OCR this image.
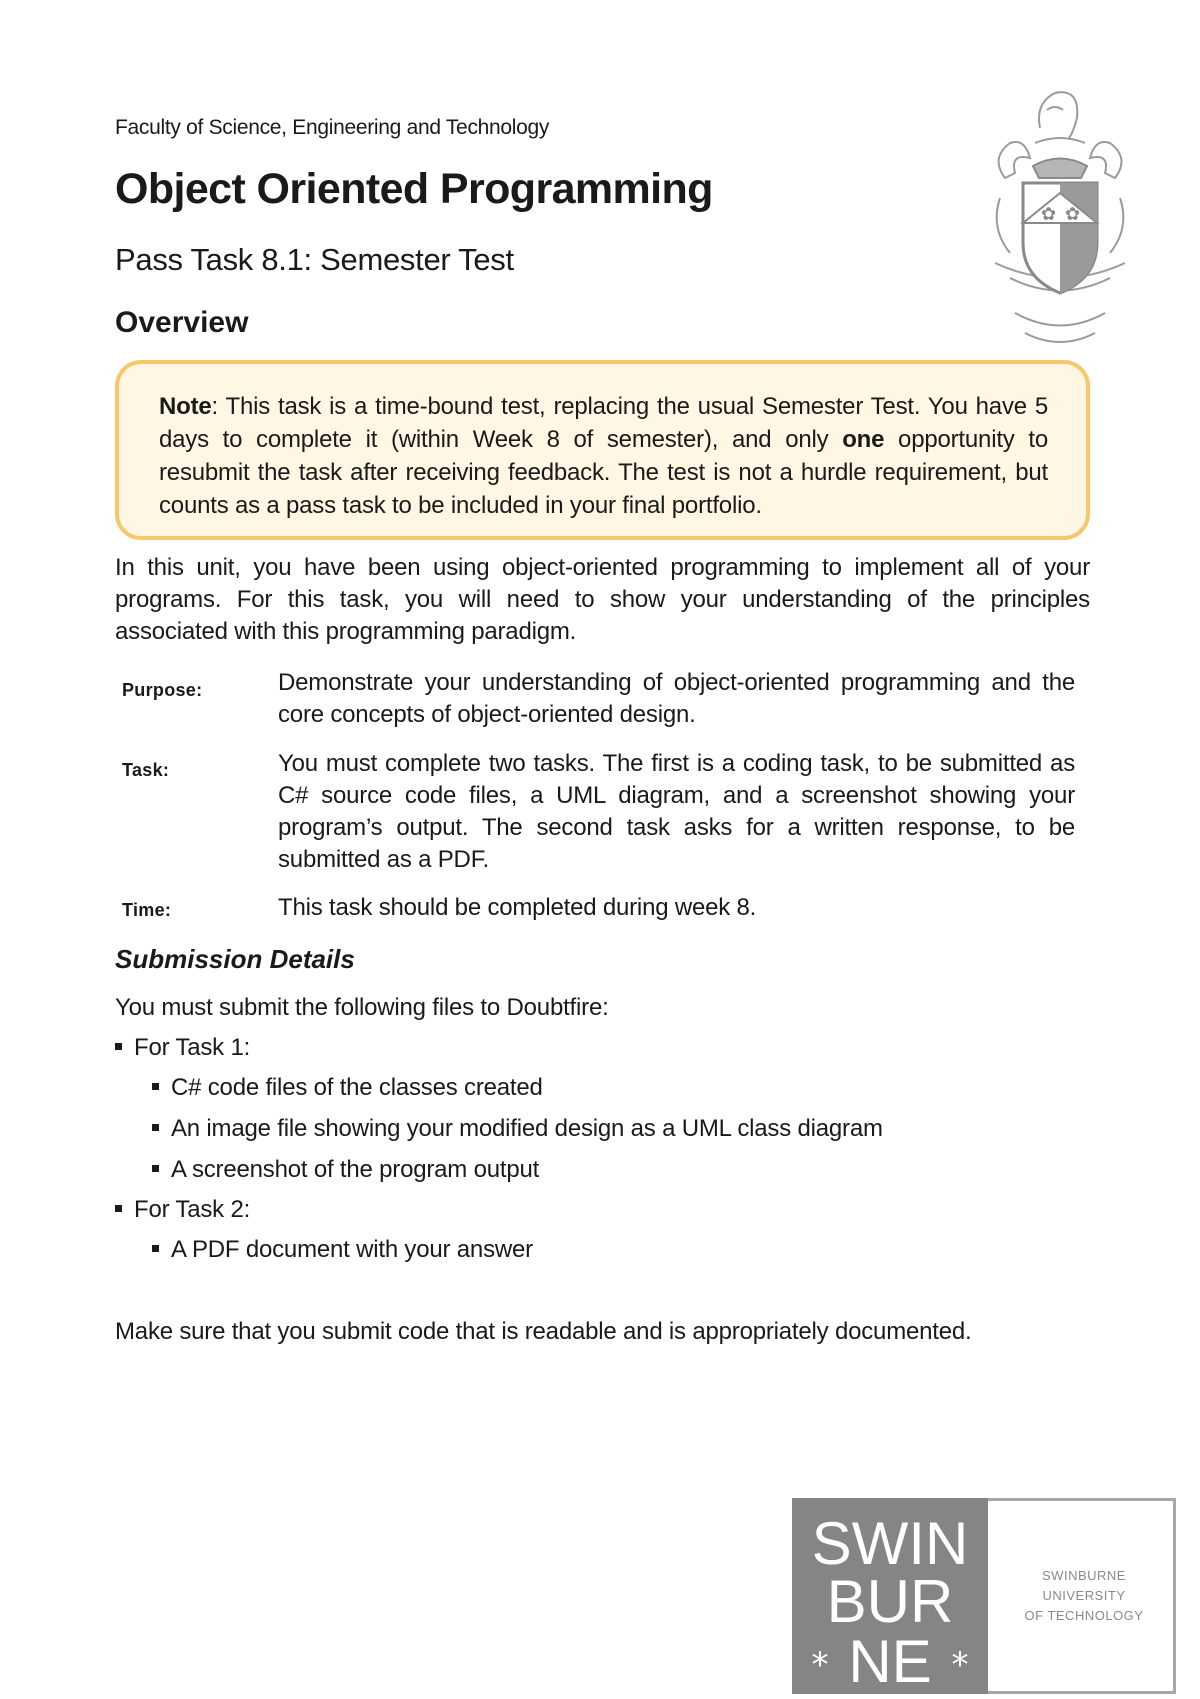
Faculty of Science, Engineering and Technology
Object Oriented Programming
Pass Task 8.1: Semester Test
Overview
✿ ✿
Note: This task is a time-bound test, replacing the usual Semester Test. You have 5 days to complete it (within Week 8 of semester), and only one opportunity to resubmit the task after receiving feedback. The test is not a hurdle requirement, but counts as a pass task to be included in your final portfolio.

In this unit, you have been using object-oriented programming to implement all of your programs. For this task, you will need to show your understanding of the principles associated with this programming paradigm.

Purpose:	Demonstrate your understanding of object-oriented programming and the core concepts of object-oriented design.

Task:	You must complete two tasks. The first is a coding task, to be submitted as C# source code files, a UML diagram, and a screenshot showing your program’s output. The second task asks for a written response, to be submitted as a PDF.

Time:	This task should be completed during week 8.

Submission Details
You must submit the following files to Doubtfire:
For Task 1:
C# code files of the classes created
An image file showing your modified design as a UML class diagram
A screenshot of the program output
For Task 2:
A PDF document with your answer
Make sure that you submit code that is readable and is appropriately documented.
SWIN
BUR
NE
*	*
SWINBURNE UNIVERSITY
OF TECHNOLOGY
